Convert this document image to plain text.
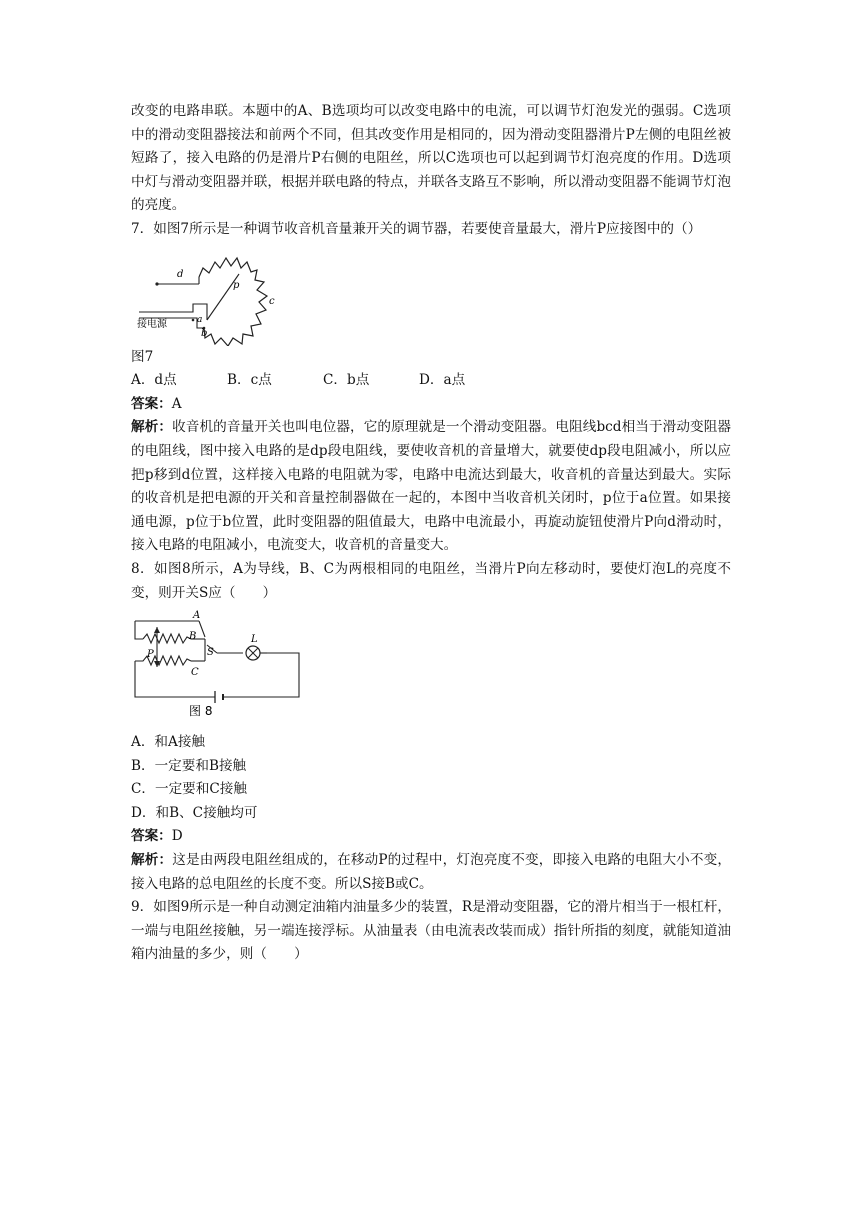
改变的电路串联。本题中的A、B选项均可以改变电路中的电流，可以调节灯泡发光的强弱。C选项中的滑动变阻器接法和前两个不同，但其改变作用是相同的，因为滑动变阻器滑片P左侧的电阻丝被短路了，接入电路的仍是滑片P右侧的电阻丝，所以C选项也可以起到调节灯泡亮度的作用。D选项中灯与滑动变阻器并联，根据并联电路的特点，并联各支路互不影响，所以滑动变阻器不能调节灯泡的亮度。

7．如图7所示是一种调节收音机音量兼开关的调节器，若要使音量最大，滑片P应接图中的（）

d
p
c
a
b
接电源

图7

A．d点	B．c点	C．b点	D．a点

答案：A

解析：收音机的音量开关也叫电位器，它的原理就是一个滑动变阻器。电阻线bcd相当于滑动变阻器的电阻线，图中接入电路的是dp段电阻线，要使收音机的音量增大，就要使dp段电阻减小，所以应把p移到d位置，这样接入电路的电阻就为零，电路中电流达到最大，收音机的音量达到最大。实际的收音机是把电源的开关和音量控制器做在一起的，本图中当收音机关闭时，p位于a位置。如果接通电源，p位于b位置，此时变阻器的阻值最大，电路中电流最小，再旋动旋钮使滑片P向d滑动时，接入电路的电阻减小，电流变大，收音机的音量变大。

8．如图8所示，A为导线，B、C为两根相同的电阻丝，当滑片P向左移动时，要使灯泡L的亮度不变，则开关S应（　　）

A
B
C
P	S
L
图 8

A．和A接触

B．一定要和B接触

C．一定要和C接触

D．和B、C接触均可

答案：D

解析：这是由两段电阻丝组成的，在移动P的过程中，灯泡亮度不变，即接入电路的电阻大小不变，接入电路的总电阻丝的长度不变。所以S接B或C。

9．如图9所示是一种自动测定油箱内油量多少的装置，R是滑动变阻器，它的滑片相当于一根杠杆，一端与电阻丝接触，另一端连接浮标。从油量表（由电流表改装而成）指针所指的刻度，就能知道油箱内油量的多少，则（　　）
